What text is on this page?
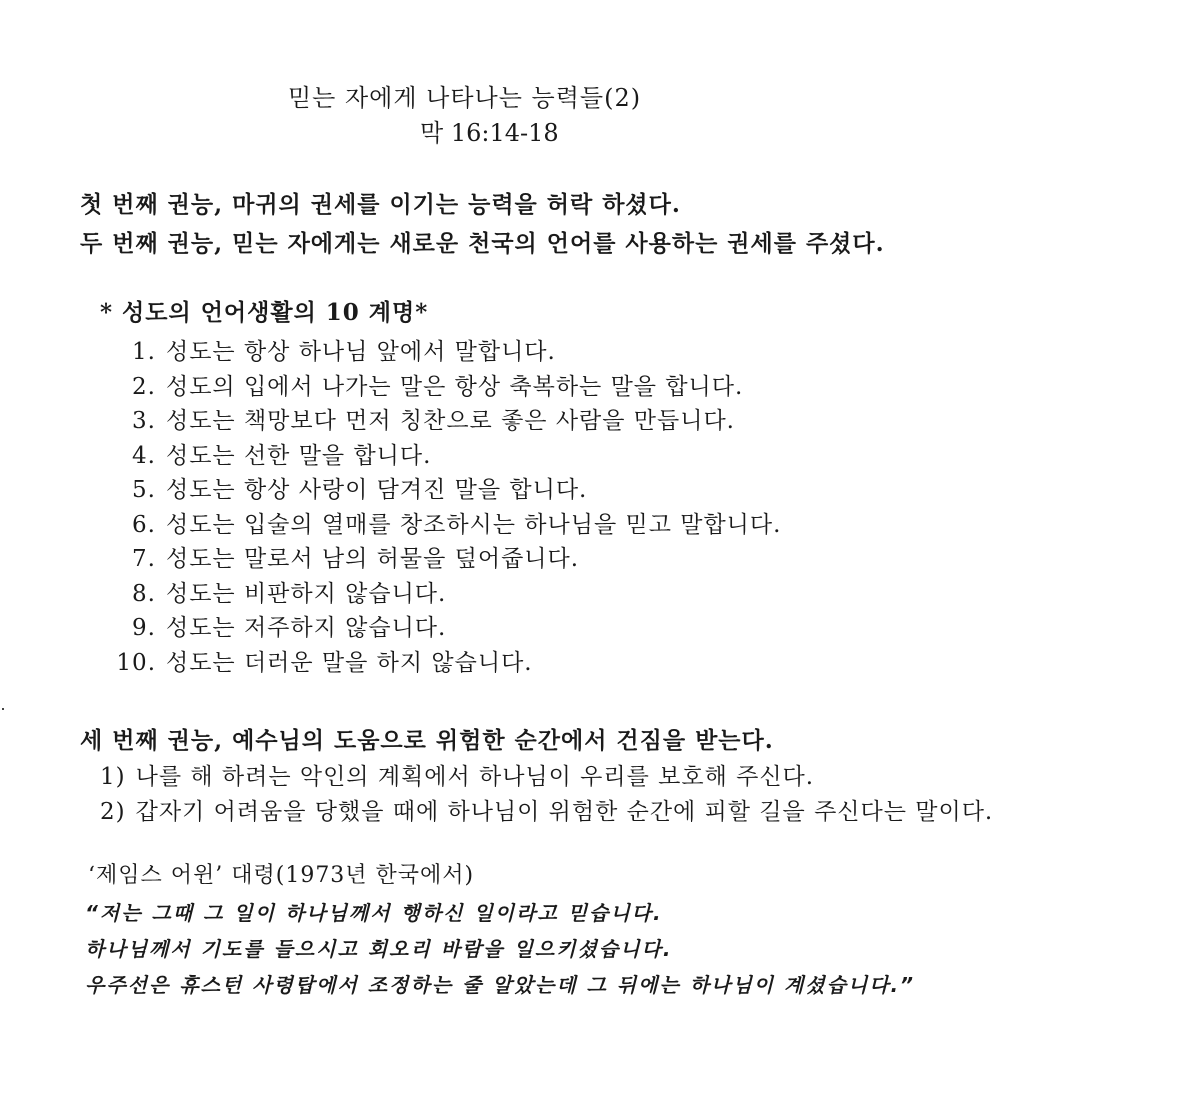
믿는 자에게 나타나는 능력들(2)
막 16:14-18
첫 번째 권능, 마귀의 권세를 이기는 능력을 허락 하셨다.
두 번째 권능, 믿는 자에게는 새로운 천국의 언어를 사용하는 권세를 주셨다.
* 성도의 언어생활의 10 계명*
1. 성도는 항상 하나님 앞에서 말합니다.
2. 성도의 입에서 나가는 말은 항상 축복하는 말을 합니다.
3. 성도는 책망보다 먼저 칭찬으로 좋은 사람을 만듭니다.
4. 성도는 선한 말을 합니다.
5. 성도는 항상 사랑이 담겨진 말을 합니다.
6. 성도는 입술의 열매를 창조하시는 하나님을 믿고 말합니다.
7. 성도는 말로서 남의 허물을 덮어줍니다.
8. 성도는 비판하지 않습니다.
9. 성도는 저주하지 않습니다.
10. 성도는 더러운 말을 하지 않습니다.
세 번째 권능, 예수님의 도움으로 위험한 순간에서 건짐을 받는다.
1) 나를 해 하려는 악인의 계획에서 하나님이 우리를 보호해 주신다.
2) 갑자기 어려움을 당했을 때에 하나님이 위험한 순간에 피할 길을 주신다는 말이다.
‘제임스 어윈’ 대령(1973년 한국에서)
“저는 그때 그 일이 하나님께서 행하신 일이라고 믿습니다.
하나님께서 기도를 들으시고 회오리 바람을 일으키셨습니다.
우주선은 휴스턴 사령탑에서 조정하는 줄 알았는데 그 뒤에는 하나님이 계셨습니다.”
